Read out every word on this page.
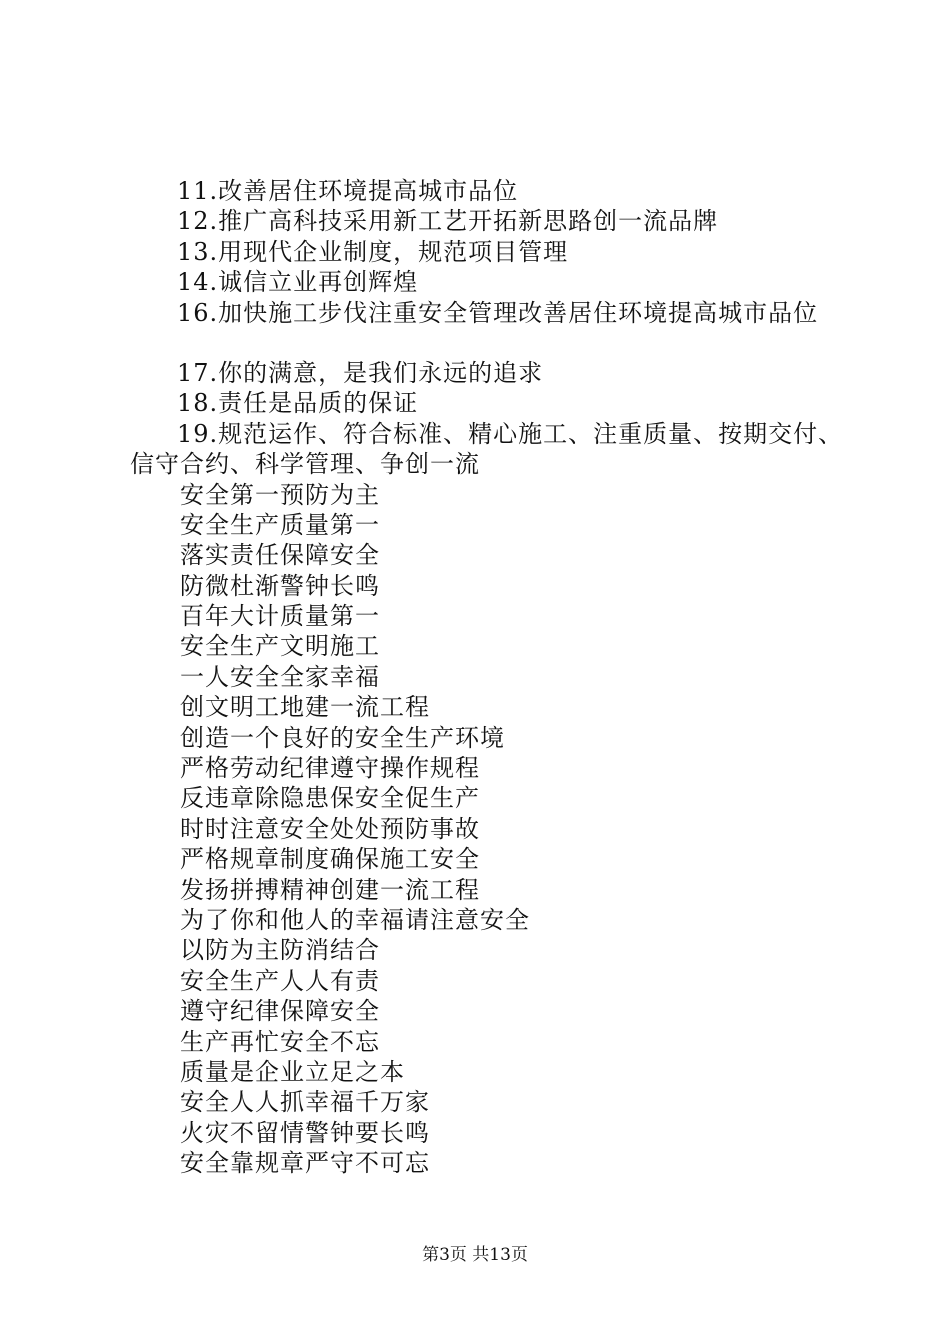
11.改善居住环境提高城市品位
12.推广高科技采用新工艺开拓新思路创一流品牌
13.用现代企业制度，规范项目管理
14.诚信立业再创辉煌
16.加快施工步伐注重安全管理改善居住环境提高城市品位
17.你的满意，是我们永远的追求
18.责任是品质的保证
19.规范运作、符合标准、精心施工、注重质量、按期交付、
信守合约、科学管理、争创一流
安全第一预防为主
安全生产质量第一
落实责任保障安全
防微杜渐警钟长鸣
百年大计质量第一
安全生产文明施工
一人安全全家幸福
创文明工地建一流工程
创造一个良好的安全生产环境
严格劳动纪律遵守操作规程
反违章除隐患保安全促生产
时时注意安全处处预防事故
严格规章制度确保施工安全
发扬拼搏精神创建一流工程
为了你和他人的幸福请注意安全
以防为主防消结合
安全生产人人有责
遵守纪律保障安全
生产再忙安全不忘
质量是企业立足之本
安全人人抓幸福千万家
火灾不留情警钟要长鸣
安全靠规章严守不可忘
第3页 共13页
